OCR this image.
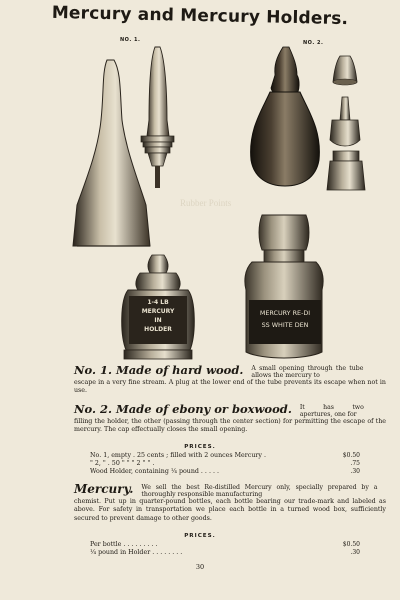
Mercury and Mercury Holders.
NO. 1.	NO. 2.
Rubber Points
1-4 LB
MERCURY
IN
HOLDER
MERCURY RE-DI
SS WHITE DEN
No. 1. Made of hard wood. A small opening through the tube allows the mercury to
escape in a very fine stream. A plug at the lower end of the tube prevents its escape when not in use.
No. 2. Made of ebony or boxwood. It has two apertures, one for
filling the holder, the other (passing through the center section) for permitting the escape of the mercury. The cap effectually closes the small opening.
PRICES.
No. 1, empty . 25 cents ; filled with 2 ounces Mercury .	$0.50
" 2, " . 50 " " " 2 " " .	.75
Wood Holder, containing ¼ pound . . . . .	.30
Mercury. We sell the best Re-distilled Mercury only, specially prepared by a thoroughly responsible manufacturing
chemist. Put up in quarter-pound bottles, each bottle bearing our trade-mark and labeled as above. For safety in transportation we place each bottle in a turned wood box, sufficiently secured to prevent damage to other goods.
PRICES.
Per bottle . . . . . . . . .	$0.50
¼ pound in Holder . . . . . . . .	.30
30
